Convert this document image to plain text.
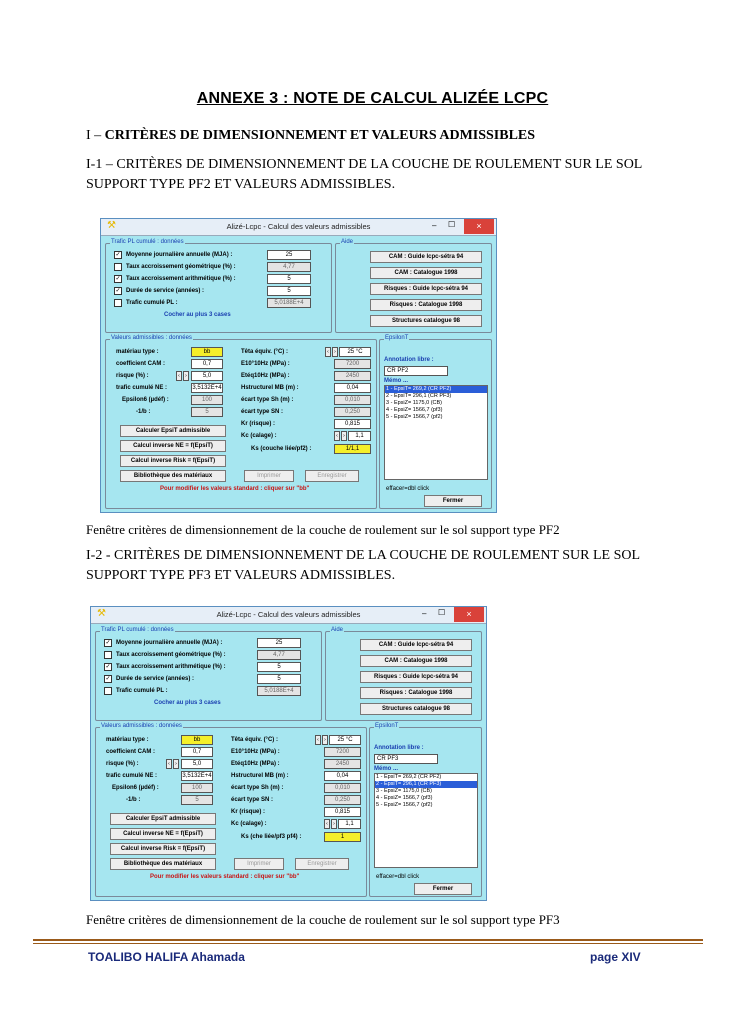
ANNEXE 3 : NOTE DE CALCUL ALIZÉE LCPC
I – CRITÈRES DE DIMENSIONNEMENT ET VALEURS ADMISSIBLES
I-1 – CRITÈRES DE DIMENSIONNEMENT DE LA COUCHE DE ROULEMENT SUR LE SOL SUPPORT TYPE PF2 ET VALEURS ADMISSIBLES.
⚒	Alizé-Lcpc - Calcul des valeurs admissibles	– ☐	×
Trafic PL cumulé : données
✓ Moyenne journalière annuelle (MJA) :	25
Taux accroissement géométrique (%) :	4,77
✓ Taux accroissement arithmétique (%) :	5
✓ Durée de service (années) :	5
Trafic cumulé PL :	5,0188E+4
Cocher au plus 3 cases
Aide
CAM : Guide lcpc-sétra 94
CAM : Catalogue 1998
Risques : Guide lcpc-sétra 94
Risques : Catalogue 1998
Structures catalogue 98
Valeurs admissibles : données
matériau type :	bb
coefficient CAM :	0,7
risque (%) :	‹	›	5,0
trafic cumulé NE :	3,5132E+4
Epsilon6 (µdéf) :	100
-1/b :	5
Têta équiv. (°C) :	‹	›	25 °C
E10°10Hz (MPa) :	7200
Etéq10Hz (MPa) :	2450
Hstructurel MB (m) :	0,04
écart type Sh (m) :	0,010
écart type SN :	0,250
Kr (risque) :	0,815
Kc (calage) :	‹	›	1,1
Ks (couche liée/pf2) :	1/1,1
Calculer EpsiT admissible
Calcul inverse NE = f(EpsiT)
Calcul inverse Risk = f(EpsiT)
Bibliothèque des matériaux	Imprimer	Enregistrer
Pour modifier les valeurs standard : cliquer sur "bb"
EpsilonT
Annotation libre :
CR PF2
Mémo ...
1 - EpsiT= 269,2 (CR PF2)
2 - EpsiT= 296,1 (CR PF3)
3 - EpsiZ= 1175,0 (CB)
4 - EpsiZ= 1566,7 (pf3)
5 - EpsiZ= 1566,7 (pf2)
effacer=dbl click
Fermer
Fenêtre critères de dimensionnement de la couche de roulement sur le sol support type PF2
I-2 - CRITÈRES DE DIMENSIONNEMENT DE LA COUCHE DE ROULEMENT SUR LE SOL SUPPORT TYPE PF3 ET VALEURS ADMISSIBLES.
⚒	Alizé-Lcpc - Calcul des valeurs admissibles	– ☐	×
Trafic PL cumulé : données
✓ Moyenne journalière annuelle (MJA) :	25
Taux accroissement géométrique (%) :	4,77
✓ Taux accroissement arithmétique (%) :	5
✓ Durée de service (années) :	5
Trafic cumulé PL :	5,0188E+4
Cocher au plus 3 cases
Aide
CAM : Guide lcpc-sétra 94
CAM : Catalogue 1998
Risques : Guide lcpc-sétra 94
Risques : Catalogue 1998
Structures catalogue 98
Valeurs admissibles : données
matériau type :	bb
coefficient CAM :	0,7
risque (%) :	‹	›	5,0
trafic cumulé NE :	3,5132E+4
Epsilon6 (µdéf) :	100
-1/b :	5
Têta équiv. (°C) :	‹	›	25 °C
E10°10Hz (MPa) :	7200
Etéq10Hz (MPa) :	2450
Hstructurel MB (m) :	0,04
écart type Sh (m) :	0,010
écart type SN :	0,250
Kr (risque) :	0,815
Kc (calage) :	‹	›	1,1
Ks (che liée/pf3 pf4) :	1
Calculer EpsiT admissible
Calcul inverse NE = f(EpsiT)
Calcul inverse Risk = f(EpsiT)
Bibliothèque des matériaux	Imprimer	Enregistrer
Pour modifier les valeurs standard : cliquer sur "bb"
EpsilonT
Annotation libre :
CR PF3
Mémo ...
1 - EpsiT= 269,2 (CR PF2)
2 - EpsiT= 296,1 (CR PF3)
3 - EpsiZ= 1175,0 (CB)
4 - EpsiZ= 1566,7 (pf3)
5 - EpsiZ= 1566,7 (pf2)
effacer=dbl click
Fermer
Fenêtre critères de dimensionnement de la couche de roulement sur le sol support type PF3
TOALIBO HALIFA Ahamada	page XIV
